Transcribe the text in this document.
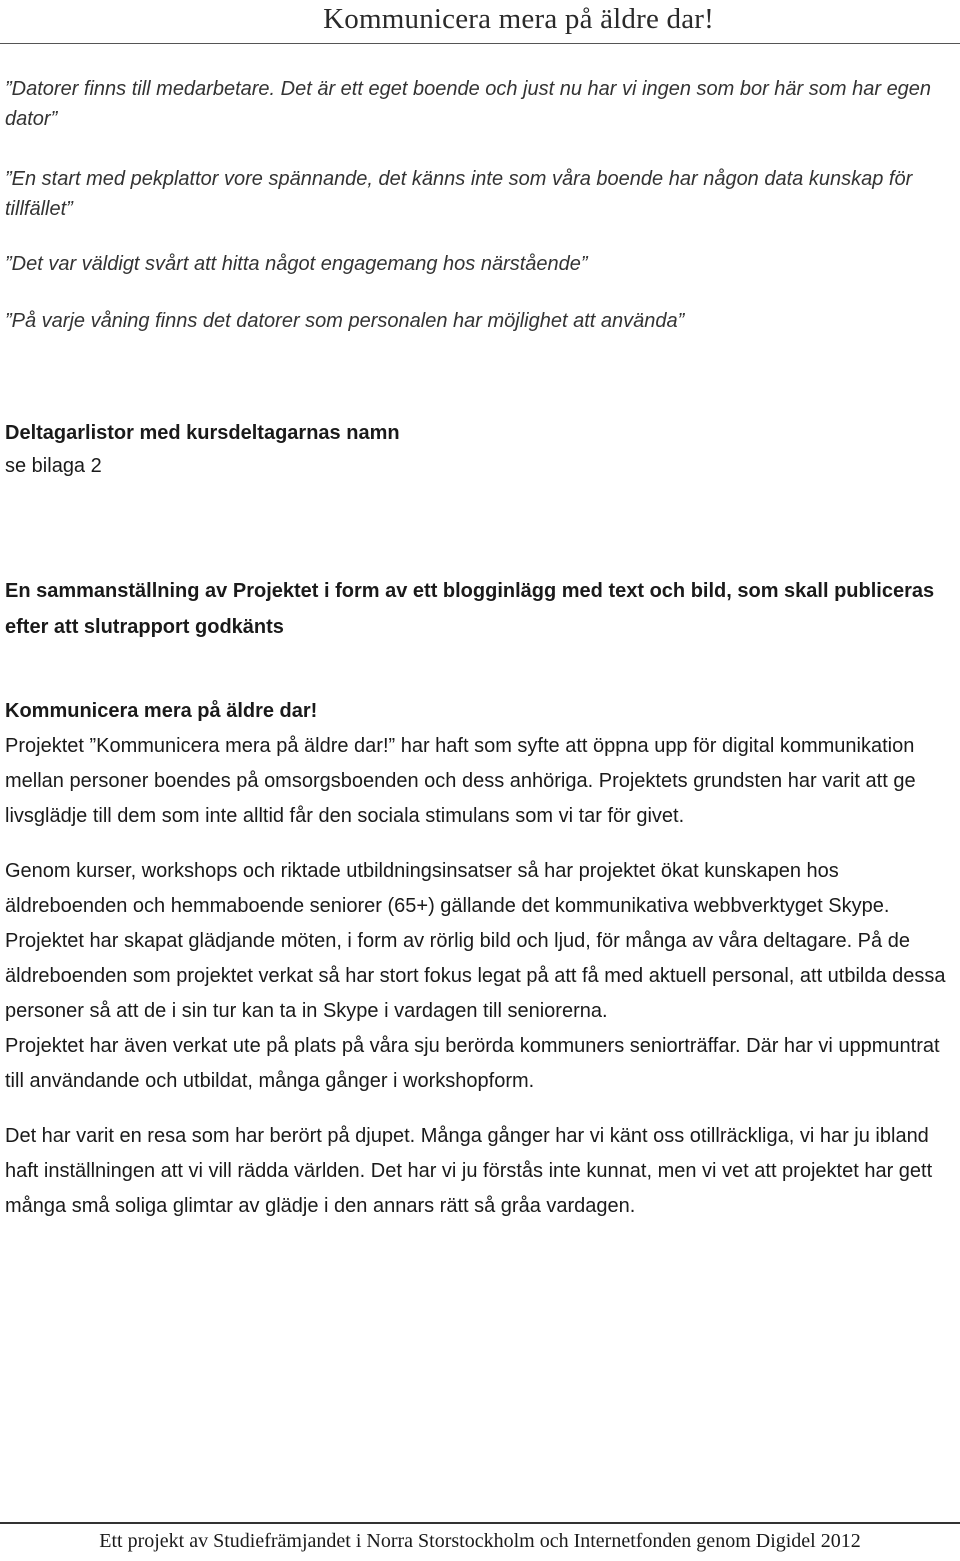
Kommunicera mera på äldre dar!

”Datorer finns till medarbetare. Det är ett eget boende och just nu har vi ingen som bor här som har egen dator”

”En start med pekplattor vore spännande, det känns inte som våra boende har någon data kunskap för tillfället”

”Det var väldigt svårt att hitta något engagemang hos närstående”

”På varje våning finns det datorer som personalen har möjlighet att använda”

Deltagarlistor med kursdeltagarnas namn

se bilaga 2

En sammanställning av Projektet i form av ett blogginlägg med text och bild, som skall publiceras efter att slutrapport godkänts
Kommunicera mera på äldre dar!

Projektet ”Kommunicera mera på äldre dar!” har haft som syfte att öppna upp för digital kommunikation mellan personer boendes på omsorgsboenden och dess anhöriga. Projektets grundsten har varit att ge livsglädje till dem som inte alltid får den sociala stimulans som vi tar för givet.

Genom kurser, workshops och riktade utbildningsinsatser så har projektet ökat kunskapen hos äldreboenden och hemmaboende seniorer (65+) gällande det kommunikativa webbverktyget Skype. Projektet har skapat glädjande möten, i form av rörlig bild och ljud, för många av våra deltagare. På de äldreboenden som projektet verkat så har stort fokus legat på att få med aktuell personal, att utbilda dessa personer så att de i sin tur kan ta in Skype i vardagen till seniorerna.

Projektet har även verkat ute på plats på våra sju berörda kommuners seniorträffar. Där har vi uppmuntrat till användande och utbildat, många gånger i workshopform.

Det har varit en resa som har berört på djupet. Många gånger har vi känt oss otillräckliga, vi har ju ibland haft inställningen att vi vill rädda världen. Det har vi ju förstås inte kunnat, men vi vet att projektet har gett många små soliga glimtar av glädje i den annars rätt så gråa vardagen.

Ett projekt av Studiefrämjandet i Norra Storstockholm och Internetfonden genom Digidel 2012
